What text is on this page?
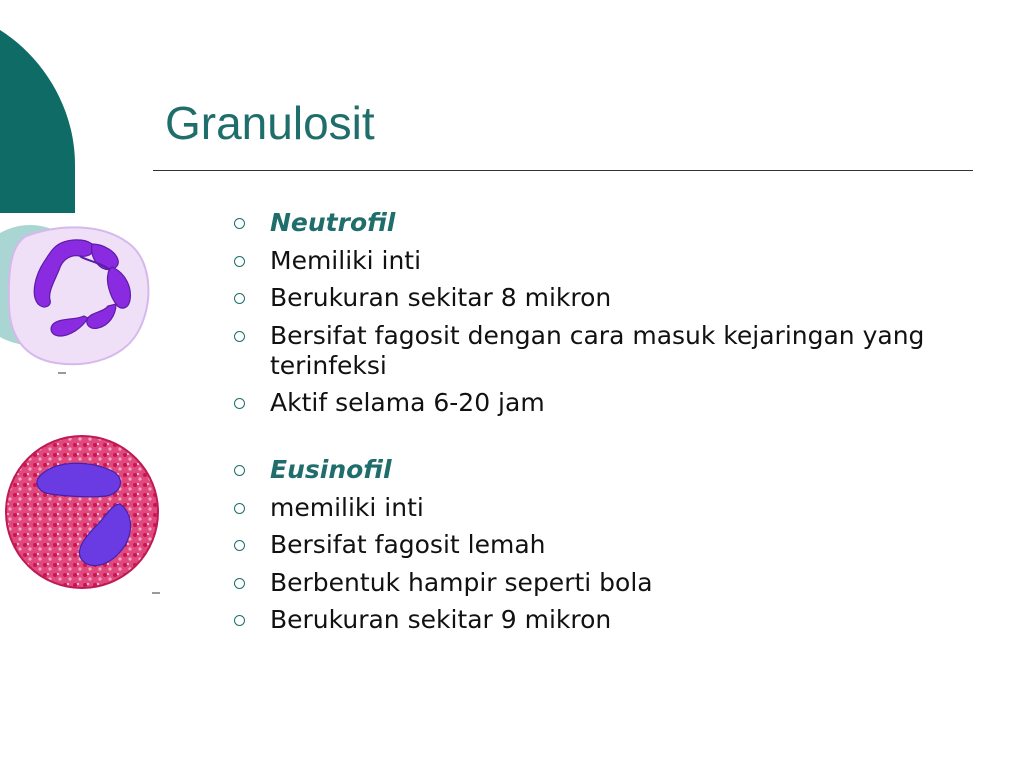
Granulosit
Neutrofil
Memiliki inti
Berukuran sekitar 8 mikron
Bersifat fagosit dengan cara masuk kejaringan yang terinfeksi
Aktif selama 6-20 jam
Eusinofil
memiliki inti
Bersifat fagosit lemah
Berbentuk hampir seperti bola
Berukuran sekitar 9 mikron
